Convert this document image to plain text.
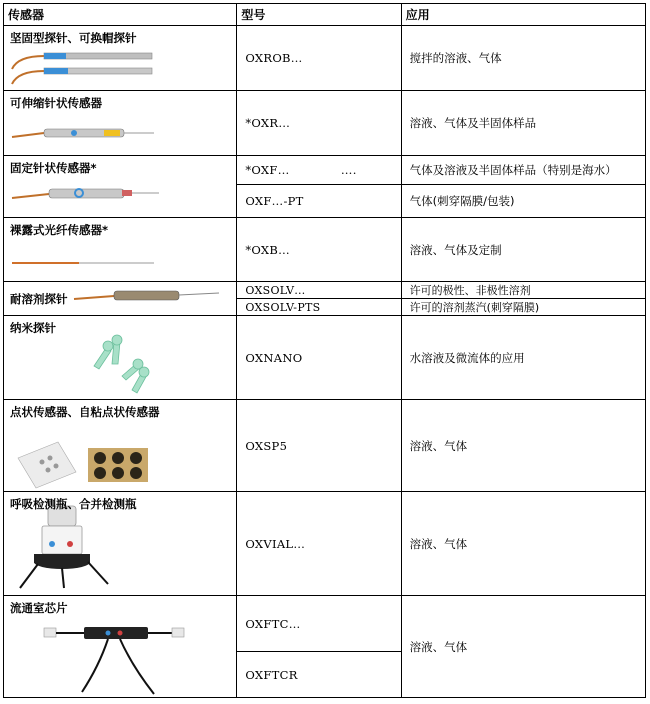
传感器	型号	应用

坚固型探针、可换帽探针	OXROB…	搅拌的溶液、气体

可伸缩针状传感器	*OXR…	溶液、气体及半固体样品

固定针状传感器*	*OXF…             ….	气体及溶液及半固体样品（特别是海水）
	OXF…-PT	气体(刺穿隔膜/包装)

裸露式光纤传感器*	*OXB…	溶液、气体及定制

耐溶剂探针	OXSOLV…	许可的极性、非极性溶剂
	OXSOLV-PTS	许可的溶剂蒸汽(刺穿隔膜)

纳米探针	OXNANO	水溶液及微流体的应用

点状传感器、自粘点状传感器	OXSP5	溶液、气体

呼吸检测瓶、合并检测瓶	OXVIAL…	溶液、气体

流通室芯片	OXFTC…	溶液、气体
	OXFTCR	
